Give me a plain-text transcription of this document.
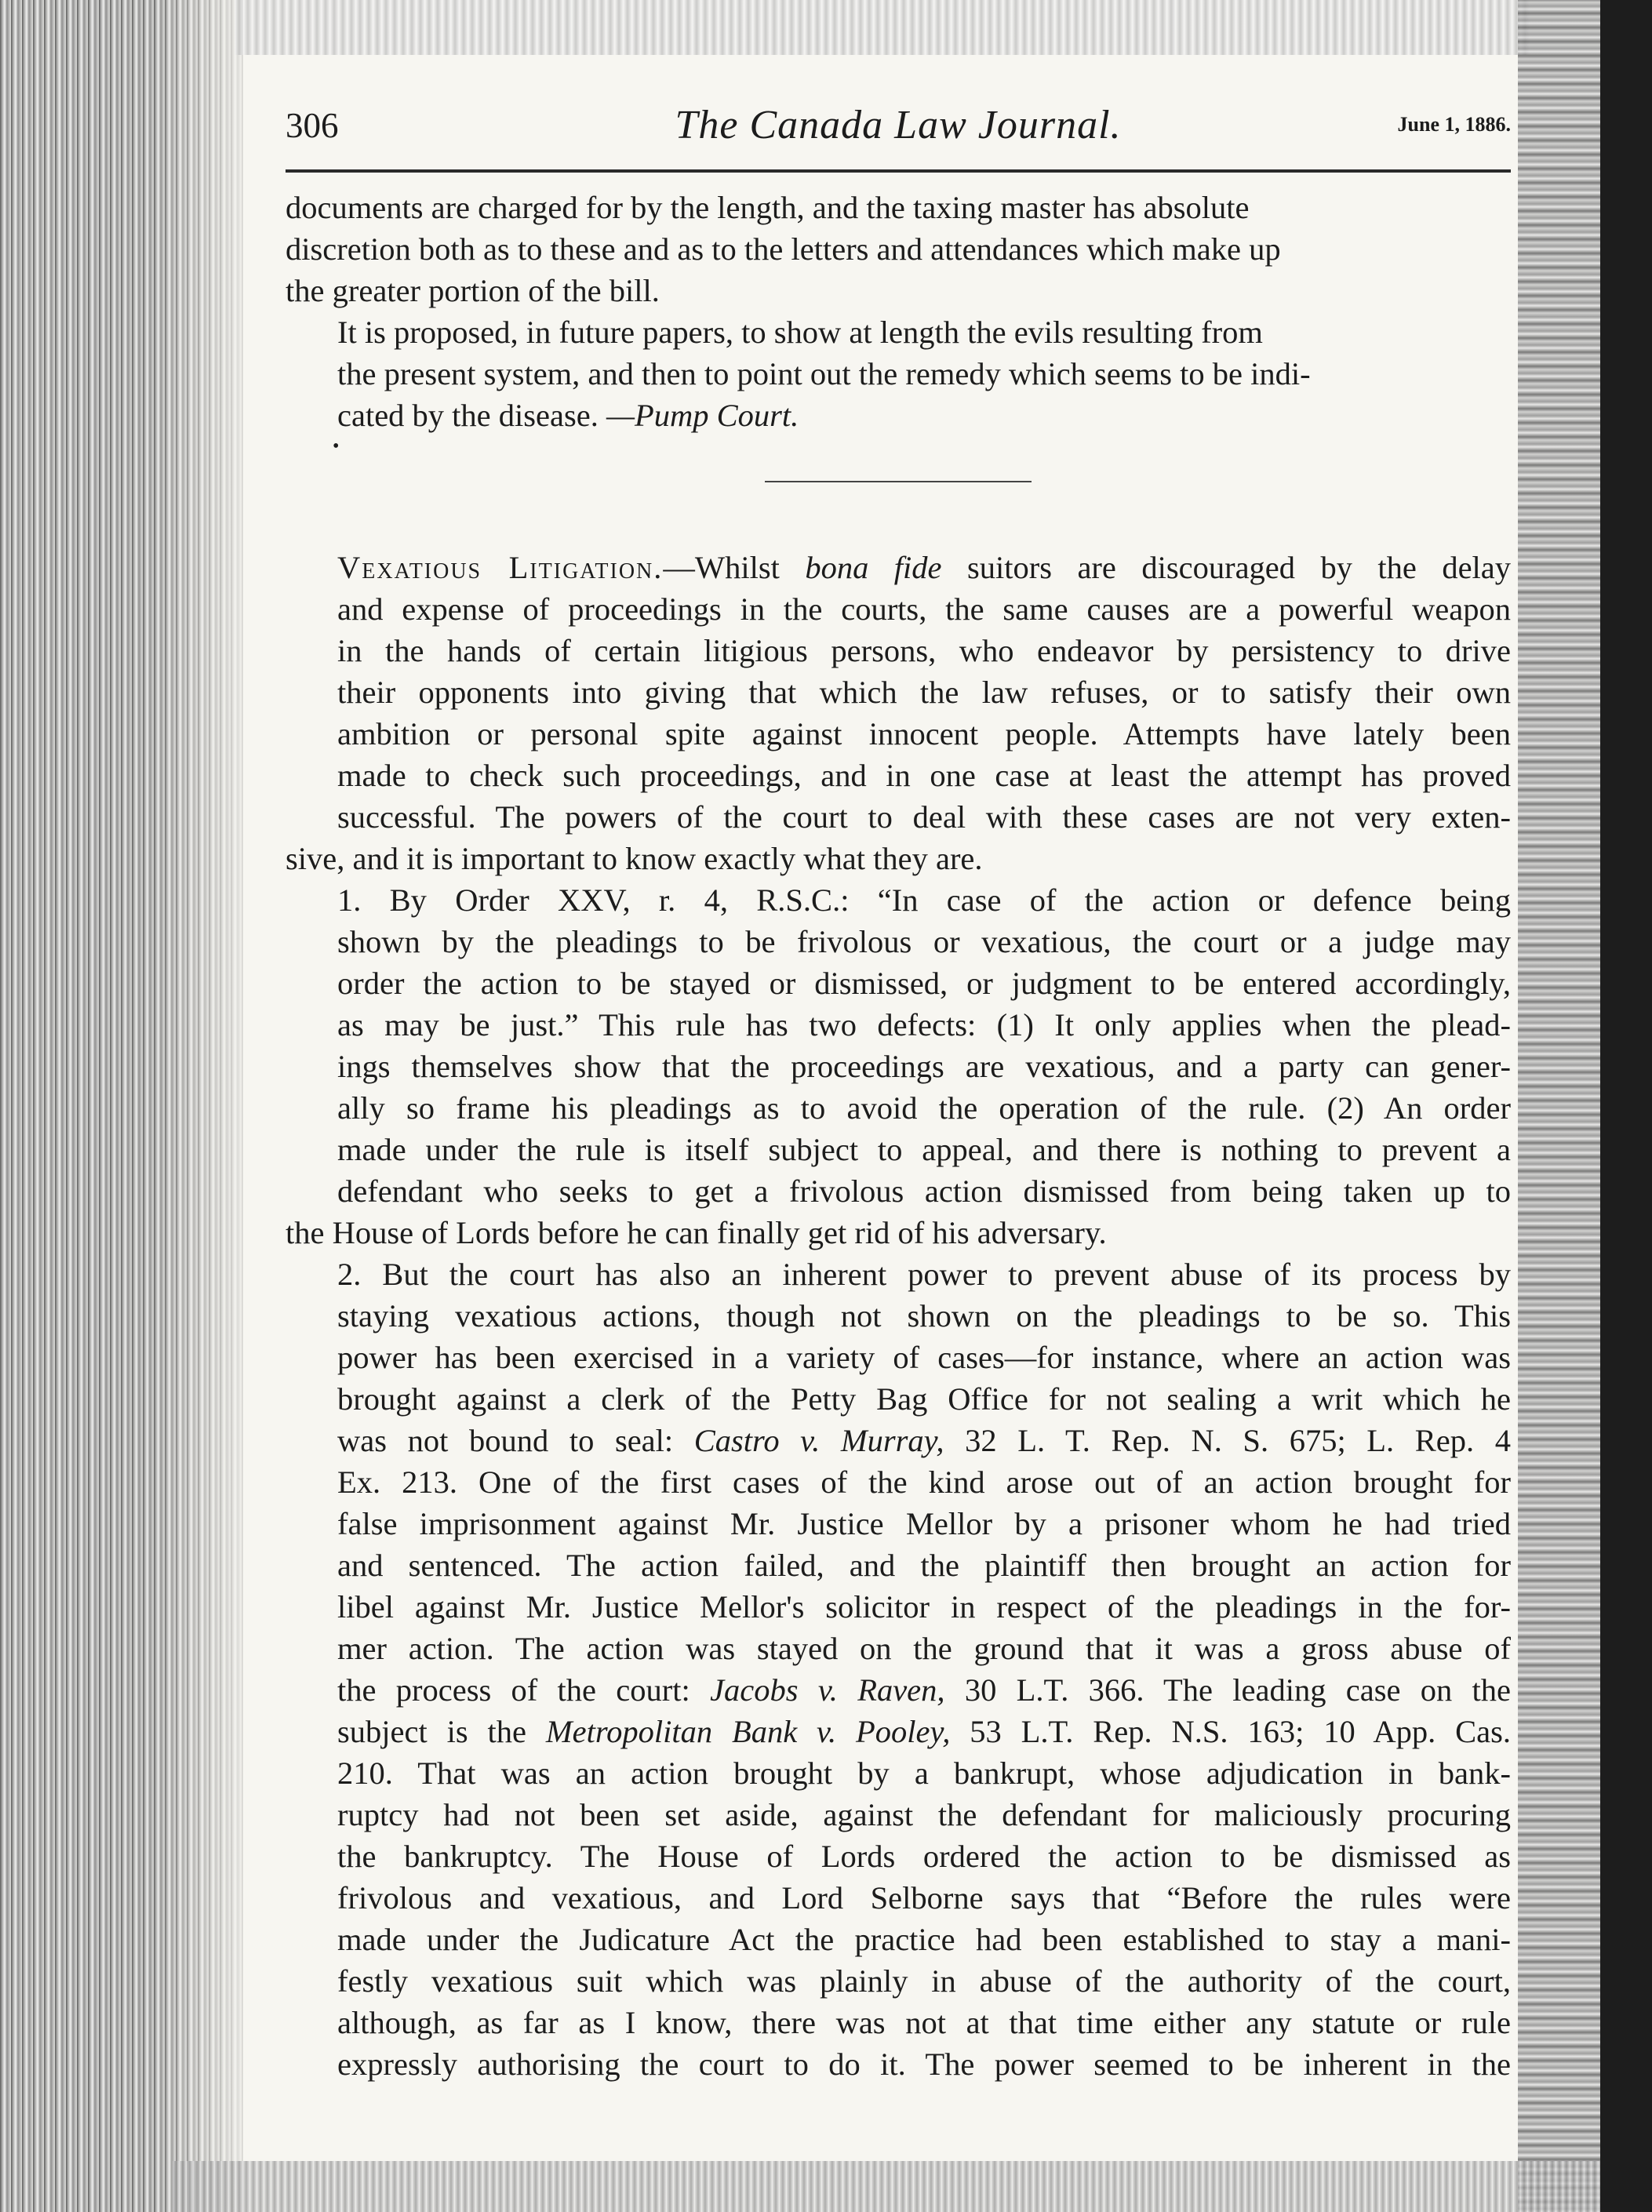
306	The Canada Law Journal.	June 1, 1886.

documents are charged for by the length, and the taxing master has absolute
discretion both as to these and as to the letters and attendances which make up
the greater portion of the bill.

It is proposed, in future papers, to show at length the evils resulting from
the present system, and then to point out the remedy which seems to be indi-
cated by the disease. —Pump Court.

•

Vexatious Litigation.—Whilst bona fide suitors are discouraged by the delay
and expense of proceedings in the courts, the same causes are a powerful weapon
in the hands of certain litigious persons, who endeavor by persistency to drive
their opponents into giving that which the law refuses, or to satisfy their own
ambition or personal spite against innocent people. Attempts have lately been
made to check such proceedings, and in one case at least the attempt has proved
successful. The powers of the court to deal with these cases are not very exten-

sive, and it is important to know exactly what they are.

1. By Order XXV, r. 4, R.S.C.: “In case of the action or defence being
shown by the pleadings to be frivolous or vexatious, the court or a judge may
order the action to be stayed or dismissed, or judgment to be entered accordingly,
as may be just.” This rule has two defects: (1) It only applies when the plead-
ings themselves show that the proceedings are vexatious, and a party can gener-
ally so frame his pleadings as to avoid the operation of the rule. (2) An order
made under the rule is itself subject to appeal, and there is nothing to prevent a
defendant who seeks to get a frivolous action dismissed from being taken up to

the House of Lords before he can finally get rid of his adversary.

2. But the court has also an inherent power to prevent abuse of its process by
staying vexatious actions, though not shown on the pleadings to be so. This
power has been exercised in a variety of cases—for instance, where an action was
brought against a clerk of the Petty Bag Office for not sealing a writ which he
was not bound to seal: Castro v. Murray, 32 L. T. Rep. N. S. 675; L. Rep. 4
Ex. 213. One of the first cases of the kind arose out of an action brought for
false imprisonment against Mr. Justice Mellor by a prisoner whom he had tried
and sentenced. The action failed, and the plaintiff then brought an action for
libel against Mr. Justice Mellor's solicitor in respect of the pleadings in the for-
mer action. The action was stayed on the ground that it was a gross abuse of
the process of the court: Jacobs v. Raven, 30 L.T. 366. The leading case on the
subject is the Metropolitan Bank v. Pooley, 53 L.T. Rep. N.S. 163; 10 App. Cas.
210. That was an action brought by a bankrupt, whose adjudication in bank-
ruptcy had not been set aside, against the defendant for maliciously procuring
the bankruptcy. The House of Lords ordered the action to be dismissed as
frivolous and vexatious, and Lord Selborne says that “Before the rules were
made under the Judicature Act the practice had been established to stay a mani-
festly vexatious suit which was plainly in abuse of the authority of the court,
although, as far as I know, there was not at that time either any statute or rule
expressly authorising the court to do it. The power seemed to be inherent in the
